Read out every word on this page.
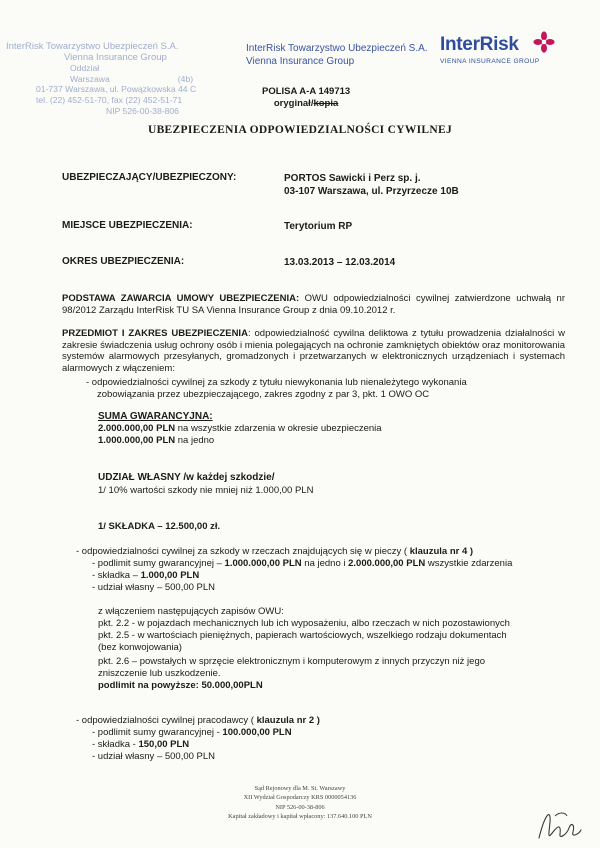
InterRisk Towarzystwo Ubezpieczeń S.A.
Vienna Insurance Group
Oddział Warszawa	(4b)
01-737 Warszawa, ul. Powązkowska 44 C
tel. (22) 452-51-70, fax (22) 452-51-71
NIP 526-00-38-806
InterRisk Towarzystwo Ubezpieczeń S.A.
Vienna Insurance Group
InterRisk
VIENNA INSURANCE GROUP
POLISA A-A 149713
oryginał/kopia
UBEZPIECZENIA ODPOWIEDZIALNOŚCI CYWILNEJ
UBEZPIECZAJĄCY/UBEZPIECZONY:	PORTOS Sawicki i Perz sp. j.
03-107 Warszawa, ul. Przyrzecze 10B
MIEJSCE UBEZPIECZENIA:	Terytorium RP
OKRES UBEZPIECZENIA:	13.03.2013 – 12.03.2014
PODSTAWA ZAWARCIA UMOWY UBEZPIECZENIA: OWU odpowiedzialności cywilnej zatwierdzone uchwałą nr 98/2012 Zarządu InterRisk TU SA Vienna Insurance Group z dnia 09.10.2012 r.
PRZEDMIOT I ZAKRES UBEZPIECZENIA: odpowiedzialność cywilna deliktowa z tytułu prowadzenia działalności w zakresie świadczenia usług ochrony osób i mienia polegających na ochronie zamkniętych obiektów oraz monitorowania systemów alarmowych przesyłanych, gromadzonych i przetwarzanych w elektronicznych urządzeniach i systemach alarmowych z włączeniem:
- odpowiedzialności cywilnej za szkody z tytułu niewykonania lub nienależytego wykonania
zobowiązania przez ubezpieczającego, zakres zgodny z par 3, pkt. 1 OWO OC
SUMA GWARANCYJNA:
2.000.000,00 PLN na wszystkie zdarzenia w okresie ubezpieczenia
1.000.000,00 PLN na jedno
UDZIAŁ WŁASNY /w każdej szkodzie/
1/ 10% wartości szkody nie mniej niż 1.000,00 PLN
1/ SKŁADKA – 12.500,00 zł.
- odpowiedzialności cywilnej za szkody w rzeczach znajdujących się w pieczy ( klauzula nr 4 )
- podlimit sumy gwarancyjnej – 1.000.000,00 PLN na jedno i 2.000.000,00 PLN wszystkie zdarzenia
- składka – 1.000,00 PLN
- udział własny – 500,00 PLN
z włączeniem następujących zapisów OWU:
pkt. 2.2 - w pojazdach mechanicznych lub ich wyposażeniu, albo rzeczach w nich pozostawionych
pkt. 2.5 - w wartościach pieniężnych, papierach wartościowych, wszelkiego rodzaju dokumentach
(bez konwojowania)
pkt. 2.6 – powstałych w sprzęcie elektronicznym i komputerowym z innych przyczyn niż jego
zniszczenie lub uszkodzenie.
podlimit na powyższe: 50.000,00PLN
- odpowiedzialności cywilnej pracodawcy ( klauzula nr 2 )
- podlimit sumy gwarancyjnej - 100.000,00 PLN
- składka - 150,00 PLN
- udział własny – 500,00 PLN
Sąd Rejonowy dla M. St. Warszawy
XII Wydział Gospodarczy KRS 0000054136
NIP 526-00-38-806
Kapitał zakładowy i kapitał wpłacony: 137.640.100 PLN
